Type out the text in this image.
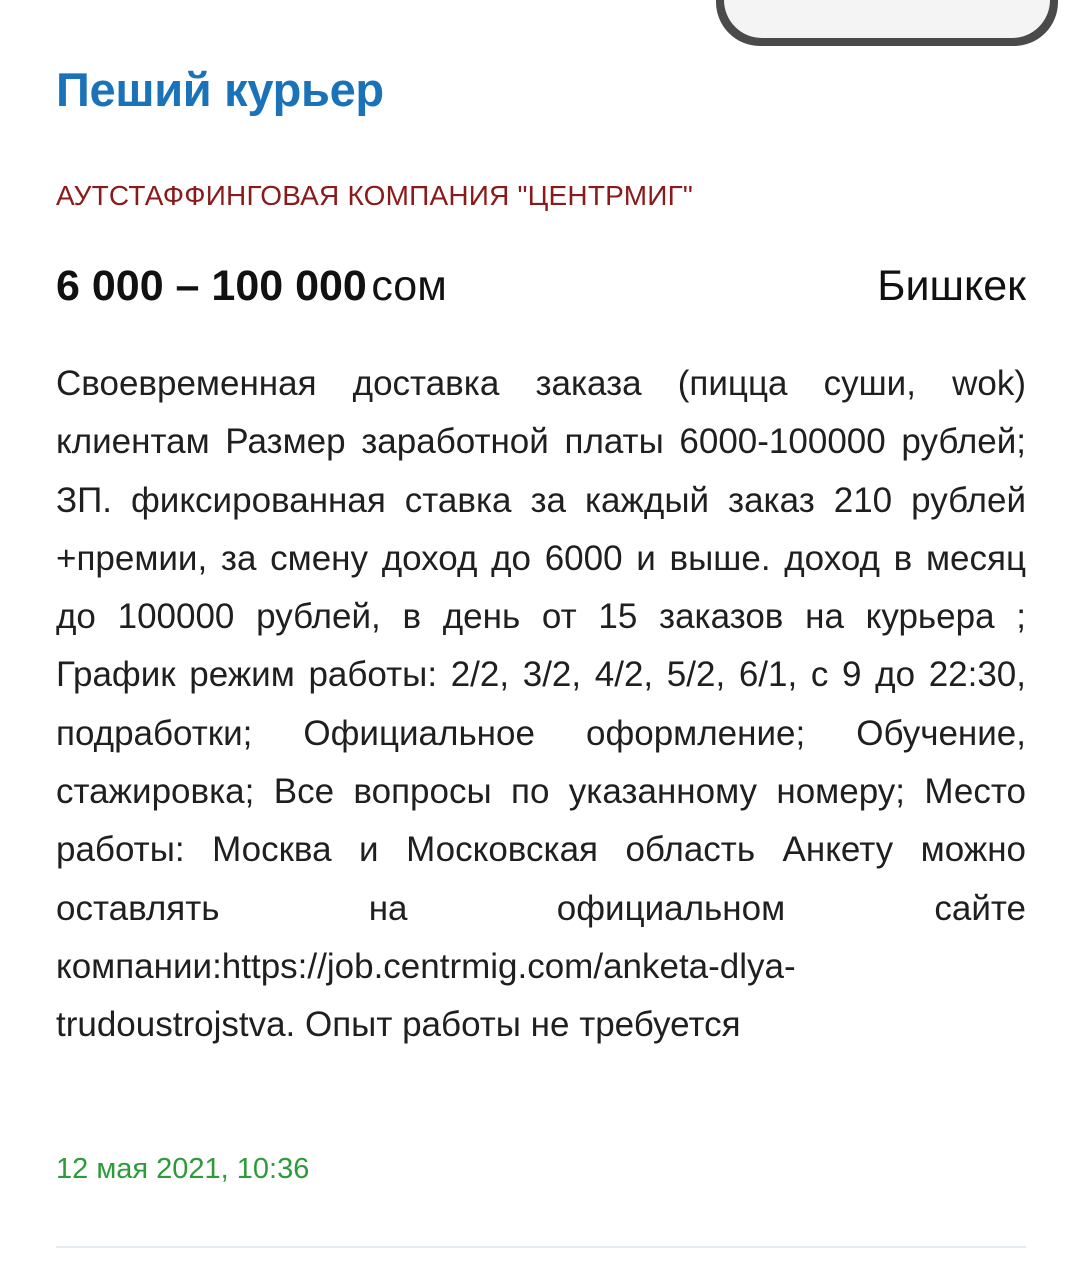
Пеший курьер
АУТСТАФФИНГОВАЯ КОМПАНИЯ "ЦЕНТРМИГ"
6 000 – 100 000 сом	Бишкек

Своевременная доставка заказа (пицца суши, wok) клиентам Размер заработной платы 6000-100000 рублей; ЗП. фиксированная ставка за каждый заказ 210 рублей +премии, за смену доход до 6000 и выше. доход в месяц до 100000 рублей, в день от 15 заказов на курьера ; График режим работы: 2/2, 3/2, 4/2, 5/2, 6/1, с 9 до 22:30, подработки; Официальное оформление; Обучение, стажировка; Все вопросы по указанному номеру; Место работы: Москва и Московская область Анкету можно оставлять на официальном сайте компании:https://job.centrmig.com/anketa-dlya-trudoustrojstva. Опыт работы не требуется

12 мая 2021, 10:36
